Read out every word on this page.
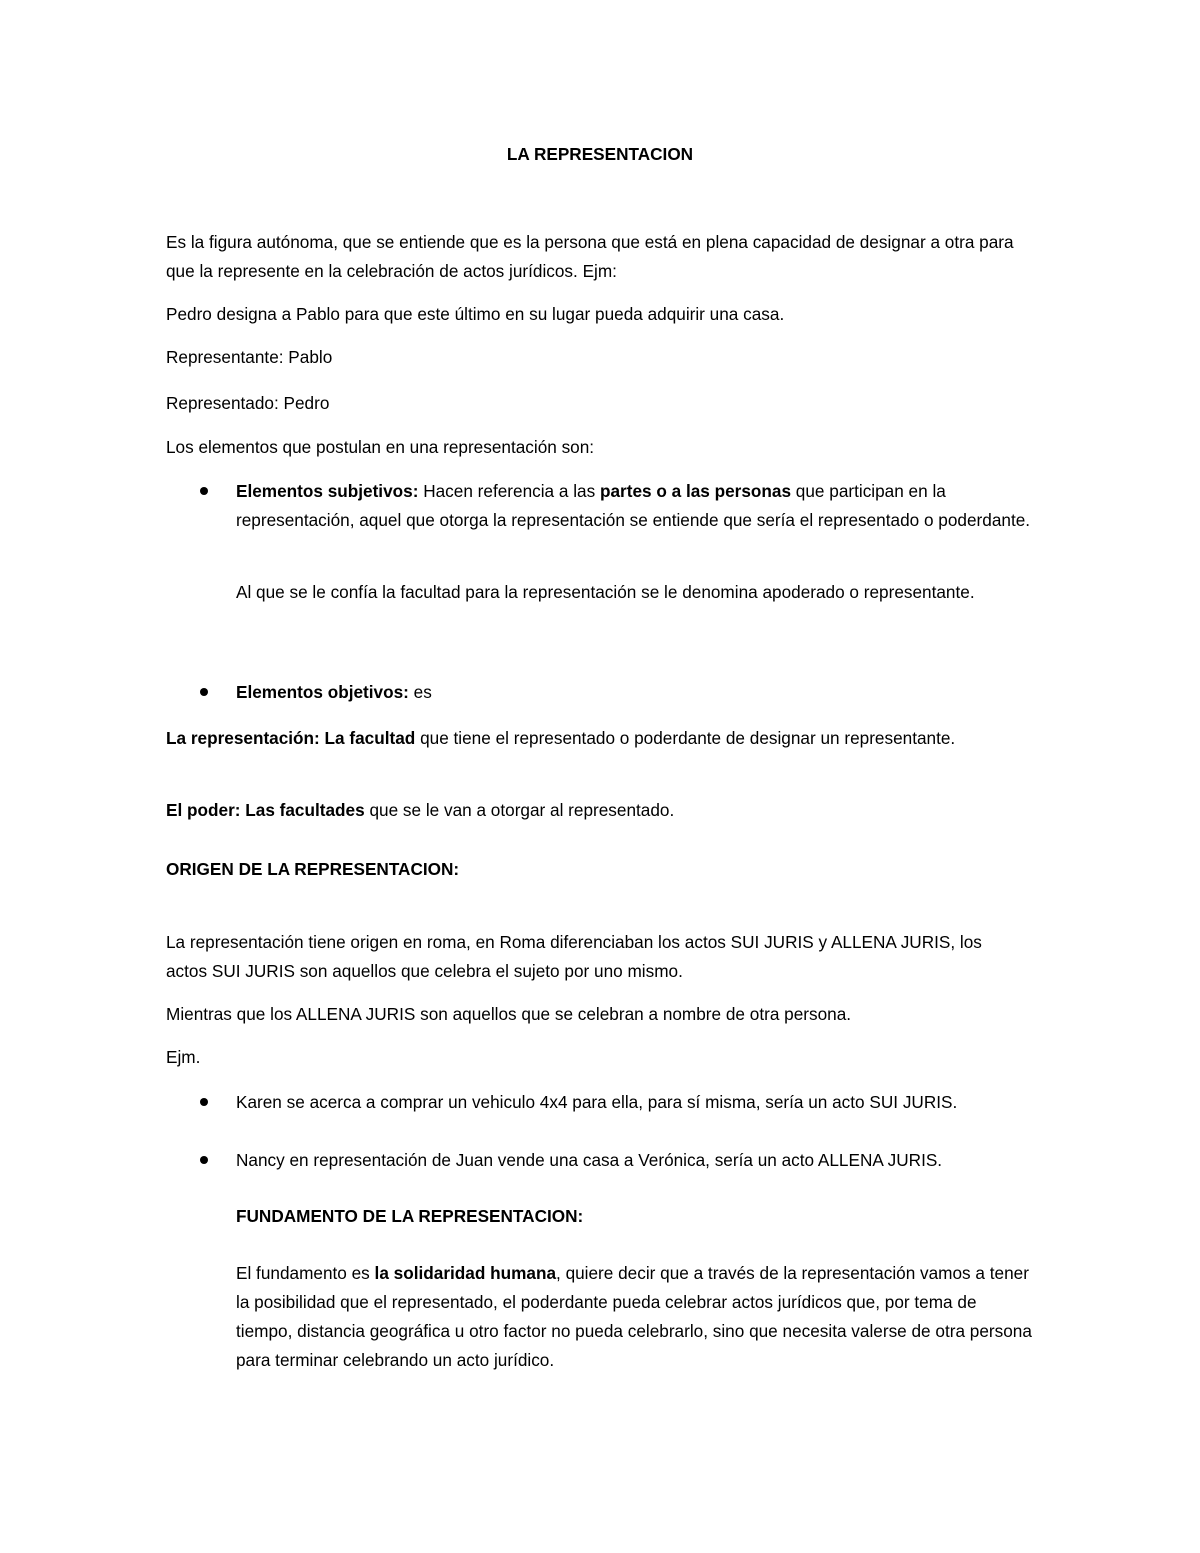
LA REPRESENTACION

Es la figura autónoma, que se entiende que es la persona que está en plena capacidad de designar a otra para que la represente en la celebración de actos jurídicos. Ejm:

Pedro designa a Pablo para que este último en su lugar pueda adquirir una casa.

Representante: Pablo

Representado: Pedro

Los elementos que postulan en una representación son:

Elementos subjetivos: Hacen referencia a las partes o a las personas que participan en la representación, aquel que otorga la representación se entiende que sería el representado o poderdante.

Al que se le confía la facultad para la representación se le denomina apoderado o representante.

Elementos objetivos: es

La representación: La facultad que tiene el representado o poderdante de designar un representante.

El poder: Las facultades que se le van a otorgar al representado.

ORIGEN DE LA REPRESENTACION:

La representación tiene origen en roma, en Roma diferenciaban los actos SUI JURIS y ALLENA JURIS, los actos SUI JURIS son aquellos que celebra el sujeto por uno mismo.

Mientras que los ALLENA JURIS son aquellos que se celebran a nombre de otra persona.

Ejm.

Karen se acerca a comprar un vehiculo 4x4 para ella, para sí misma, sería un acto SUI JURIS.

Nancy en representación de Juan vende una casa a Verónica, sería un acto ALLENA JURIS.

FUNDAMENTO DE LA REPRESENTACION:

El fundamento es la solidaridad humana, quiere decir que a través de la representación vamos a tener la posibilidad que el representado, el poderdante pueda celebrar actos jurídicos que, por tema de tiempo, distancia geográfica u otro factor no pueda celebrarlo, sino que necesita valerse de otra persona para terminar celebrando un acto jurídico.
